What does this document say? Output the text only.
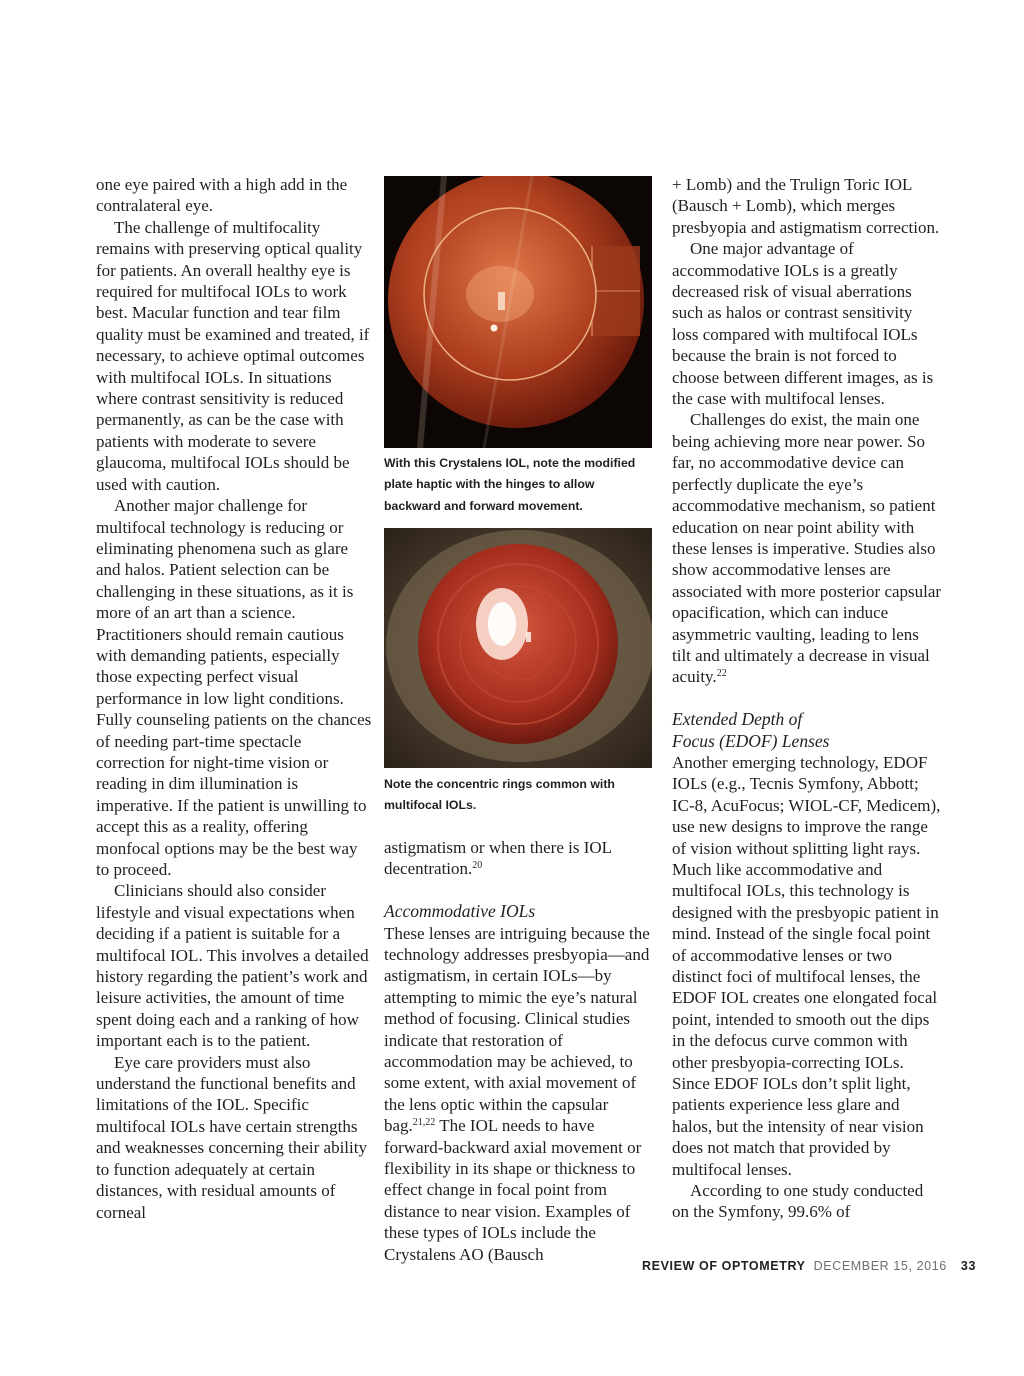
one eye paired with a high add in the contralateral eye.

The challenge of multifocality remains with preserving optical quality for patients. An overall healthy eye is required for multifocal IOLs to work best. Macular function and tear film quality must be examined and treated, if necessary, to achieve optimal outcomes with multifocal IOLs. In situations where contrast sensitivity is reduced permanently, as can be the case with patients with moderate to severe glaucoma, multifocal IOLs should be used with caution.

Another major challenge for multifocal technology is reducing or eliminating phenomena such as glare and halos. Patient selection can be challenging in these situations, as it is more of an art than a science. Practitioners should remain cautious with demanding patients, especially those expecting perfect visual performance in low light conditions. Fully counseling patients on the chances of needing part-time spectacle correction for night-time vision or reading in dim illumination is imperative. If the patient is unwilling to accept this as a reality, offering monfocal options may be the best way to proceed.

Clinicians should also consider lifestyle and visual expectations when deciding if a patient is suitable for a multifocal IOL. This involves a detailed history regarding the patient’s work and leisure activities, the amount of time spent doing each and a ranking of how important each is to the patient.

Eye care providers must also understand the functional benefits and limitations of the IOL. Specific multifocal IOLs have certain strengths and weaknesses concerning their ability to function adequately at certain distances, with residual amounts of corneal

With this Crystalens IOL, note the modified plate haptic with the hinges to allow backward and forward movement.
Note the concentric rings common with multifocal IOLs.

astigmatism or when there is IOL decentration.$^{20}$

Accommodative IOLs

These lenses are intriguing because the technology addresses presbyopia—and astigmatism, in certain IOLs—by attempting to mimic the eye’s natural method of focusing. Clinical studies indicate that restoration of accommodation may be achieved, to some extent, with axial movement of the lens optic within the capsular bag.$^{21,22}$ The IOL needs to have forward-backward axial movement or flexibility in its shape or thickness to effect change in focal point from distance to near vision. Examples of these types of IOLs include the Crystalens AO (Bausch

+ Lomb) and the Trulign Toric IOL (Bausch + Lomb), which merges presbyopia and astigmatism correction.

One major advantage of accommodative IOLs is a greatly decreased risk of visual aberrations such as halos or contrast sensitivity loss compared with multifocal IOLs because the brain is not forced to choose between different images, as is the case with multifocal lenses.

Challenges do exist, the main one being achieving more near power. So far, no accommodative device can perfectly duplicate the eye’s accommodative mechanism, so patient education on near point ability with these lenses is imperative. Studies also show accommodative lenses are associated with more posterior capsular opacification, which can induce asymmetric vaulting, leading to lens tilt and ultimately a decrease in visual acuity.$^{22}$

Extended Depth of
Focus (EDOF) Lenses

Another emerging technology, EDOF IOLs (e.g., Tecnis Symfony, Abbott; IC-8, AcuFocus; WIOL-CF, Medicem), use new designs to improve the range of vision without splitting light rays. Much like accommodative and multifocal IOLs, this technology is designed with the presbyopic patient in mind. Instead of the single focal point of accommodative lenses or two distinct foci of multifocal lenses, the EDOF IOL creates one elongated focal point, intended to smooth out the dips in the defocus curve common with other presbyopia-correcting IOLs. Since EDOF IOLs don’t split light, patients experience less glare and halos, but the intensity of near vision does not match that provided by multifocal lenses.

According to one study conducted on the Symfony, 99.6% of

REVIEW OF OPTOMETRY DECEMBER 15, 2016 33
